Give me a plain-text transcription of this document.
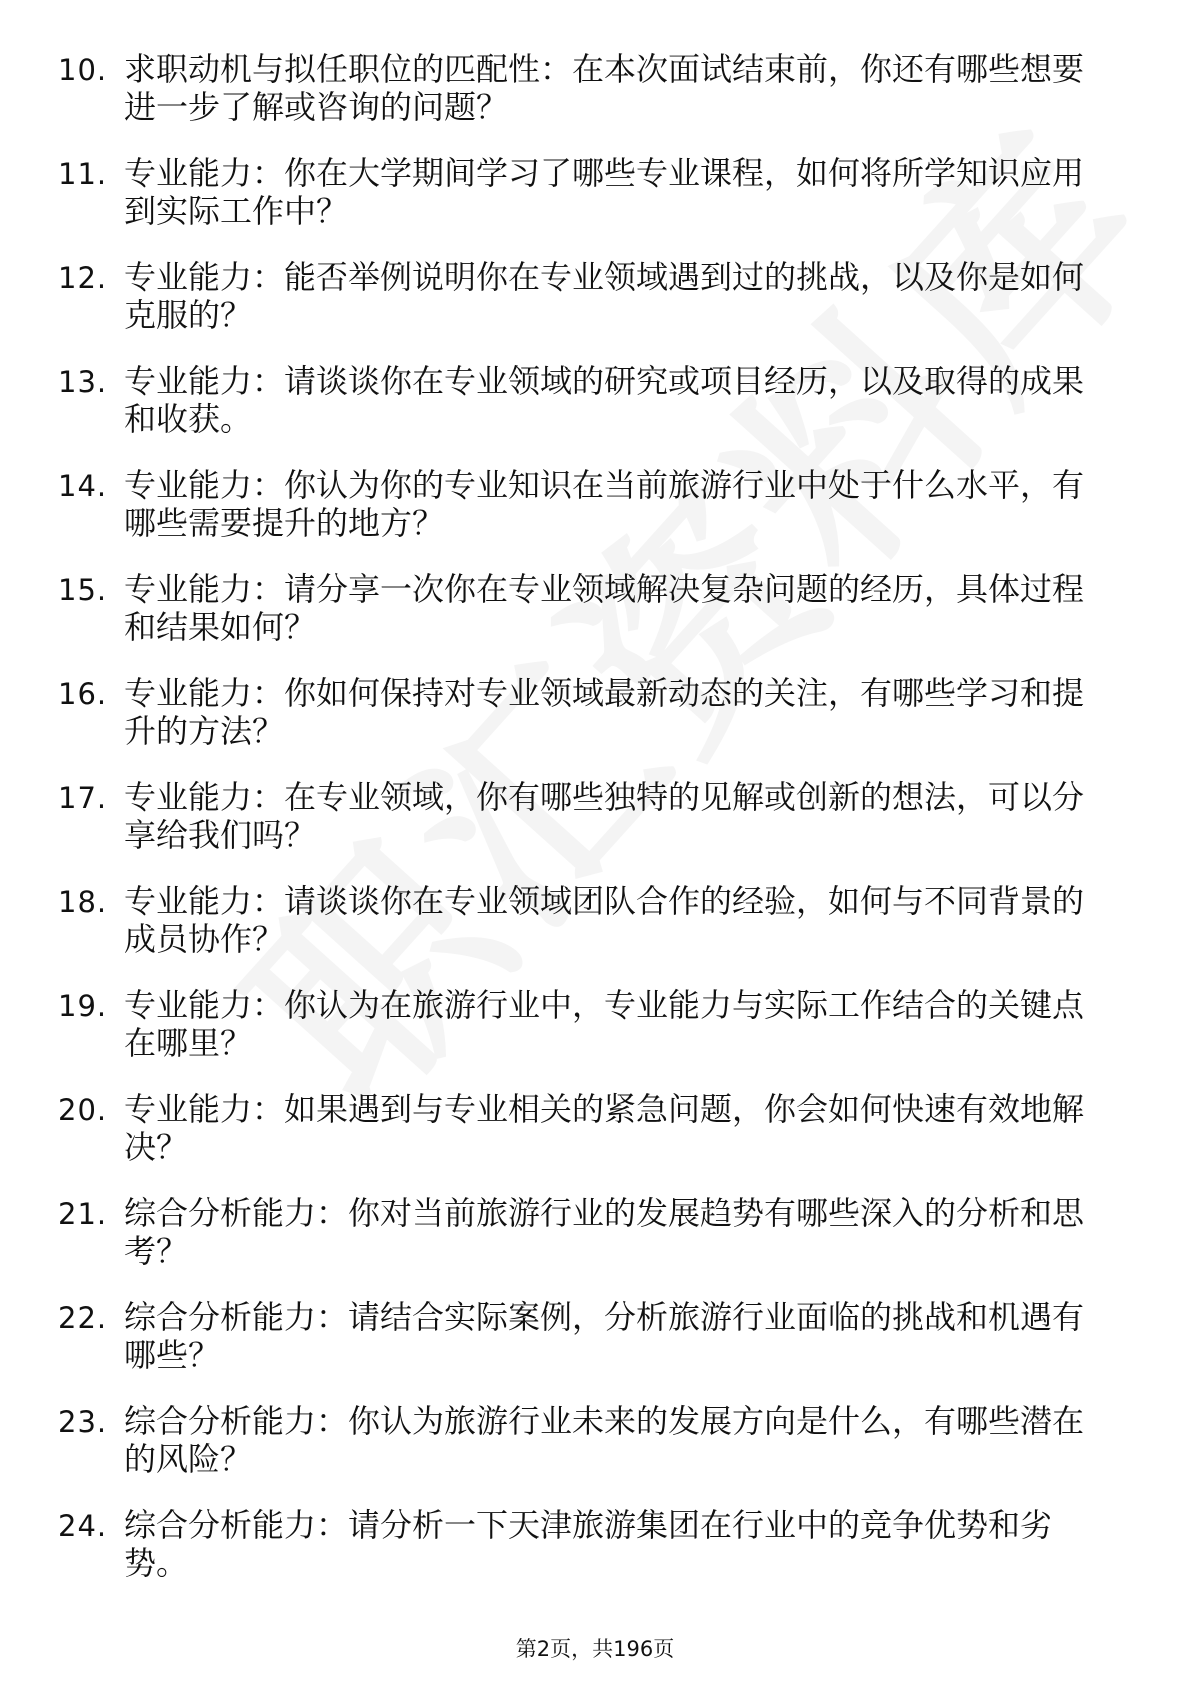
10. 求职动机与拟任职位的匹配性：在本次面试结束前，你还有哪些想要进一步了解或咨询的问题？
11. 专业能力：你在大学期间学习了哪些专业课程，如何将所学知识应用到实际工作中？
12. 专业能力：能否举例说明你在专业领域遇到过的挑战，以及你是如何克服的？
13. 专业能力：请谈谈你在专业领域的研究或项目经历，以及取得的成果和收获。
14. 专业能力：你认为你的专业知识在当前旅游行业中处于什么水平，有哪些需要提升的地方？
15. 专业能力：请分享一次你在专业领域解决复杂问题的经历，具体过程和结果如何？
16. 专业能力：你如何保持对专业领域最新动态的关注，有哪些学习和提升的方法？
17. 专业能力：在专业领域，你有哪些独特的见解或创新的想法，可以分享给我们吗？
18. 专业能力：请谈谈你在专业领域团队合作的经验，如何与不同背景的成员协作？
19. 专业能力：你认为在旅游行业中，专业能力与实际工作结合的关键点在哪里？
20. 专业能力：如果遇到与专业相关的紧急问题，你会如何快速有效地解决？
21. 综合分析能力：你对当前旅游行业的发展趋势有哪些深入的分析和思考？
22. 综合分析能力：请结合实际案例，分析旅游行业面临的挑战和机遇有哪些？
23. 综合分析能力：你认为旅游行业未来的发展方向是什么，有哪些潜在的风险？
24. 综合分析能力：请分析一下天津旅游集团在行业中的竞争优势和劣势。
第2页，共196页
